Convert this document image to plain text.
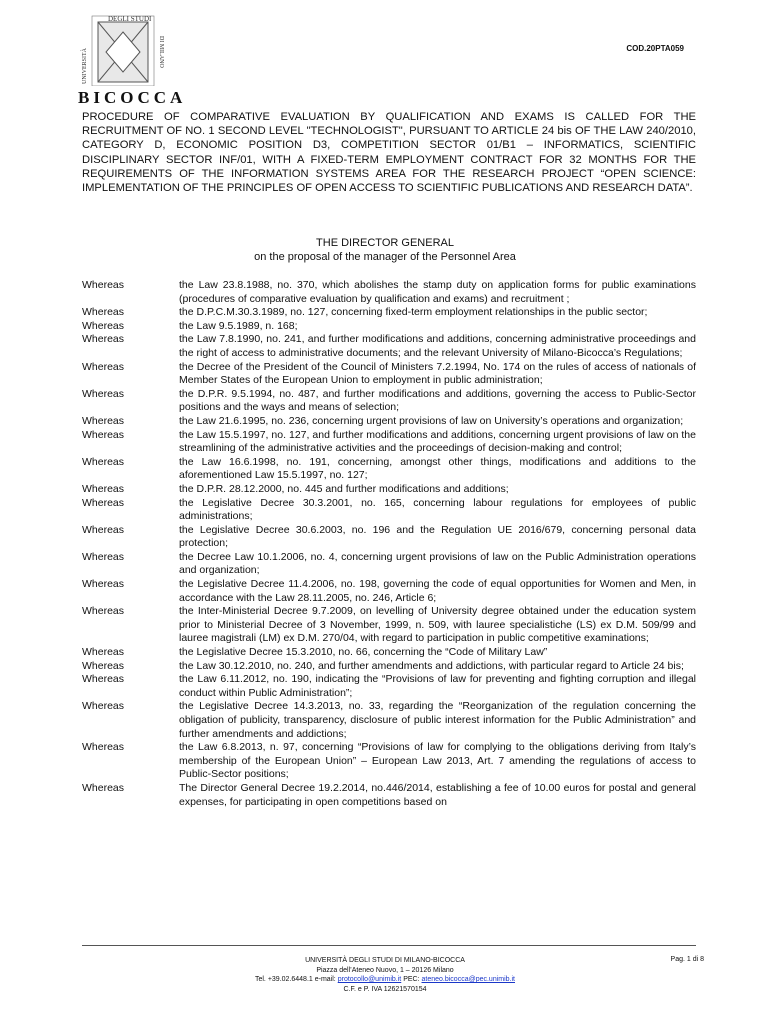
UNIVERSITÀ
DEGLI STUDI
DI MILANO
BICOCCA
COD.20PTA059
PROCEDURE OF COMPARATIVE EVALUATION BY QUALIFICATION AND EXAMS IS CALLED FOR THE RECRUITMENT OF NO. 1 SECOND LEVEL "TECHNOLOGIST", PURSUANT TO ARTICLE 24 bis OF THE LAW 240/2010, CATEGORY D, ECONOMIC POSITION D3, COMPETITION SECTOR 01/B1 – INFORMATICS, SCIENTIFIC DISCIPLINARY SECTOR INF/01, WITH A FIXED-TERM EMPLOYMENT CONTRACT FOR 32 MONTHS FOR THE REQUIREMENTS OF THE INFORMATION SYSTEMS AREA FOR THE RESEARCH PROJECT “OPEN SCIENCE: IMPLEMENTATION OF THE PRINCIPLES OF OPEN ACCESS TO SCIENTIFIC PUBLICATIONS AND RESEARCH DATA”.
THE DIRECTOR GENERAL
on the proposal of the manager of the Personnel Area
Whereas	the Law 23.8.1988, no. 370, which abolishes the stamp duty on application forms for public examinations (procedures of comparative evaluation by qualification and exams) and recruitment ;
Whereas	the D.P.C.M.30.3.1989, no. 127, concerning fixed-term employment relationships in the public sector;
Whereas	the Law 9.5.1989, n. 168;
Whereas	the Law 7.8.1990, no. 241, and further modifications and additions, concerning administrative proceedings and the right of access to administrative documents; and the relevant University of Milano-Bicocca’s Regulations;
Whereas	the Decree of the President of the Council of Ministers 7.2.1994, No. 174 on the rules of access of nationals of Member States of the European Union to employment in public administration;
Whereas	the D.P.R. 9.5.1994, no. 487, and further modifications and additions, governing the access to Public-Sector positions and the ways and means of selection;
Whereas	the Law 21.6.1995, no. 236, concerning urgent provisions of law on University’s operations and organization;
Whereas	the Law 15.5.1997, no. 127, and further modifications and additions, concerning urgent provisions of law on the streamlining of the administrative activities and the proceedings of decision-making and control;
Whereas	the Law 16.6.1998, no. 191, concerning, amongst other things, modifications and additions to the aforementioned Law 15.5.1997, no. 127;
Whereas	the D.P.R. 28.12.2000, no. 445 and further modifications and additions;
Whereas	the Legislative Decree 30.3.2001, no. 165, concerning labour regulations for employees of public administrations;
Whereas	the Legislative Decree 30.6.2003, no. 196 and the Regulation UE 2016/679, concerning personal data protection;
Whereas	the Decree Law 10.1.2006, no. 4, concerning urgent provisions of law on the Public Administration operations and organization;
Whereas	the Legislative Decree 11.4.2006, no. 198, governing the code of equal opportunities for Women and Men, in accordance with the Law 28.11.2005, no. 246, Article 6;
Whereas	the Inter-Ministerial Decree 9.7.2009, on levelling of University degree obtained under the education system prior to Ministerial Decree of 3 November, 1999, n. 509, with lauree specialistiche (LS) ex D.M. 509/99 and lauree magistrali (LM) ex D.M. 270/04, with regard to participation in public competitive examinations;
Whereas	the Legislative Decree 15.3.2010, no. 66, concerning the “Code of Military Law”
Whereas	the Law 30.12.2010, no. 240, and further amendments and addictions, with particular regard to Article 24 bis;
Whereas	the Law 6.11.2012, no. 190, indicating the “Provisions of law for preventing and fighting corruption and illegal conduct within Public Administration”;
Whereas	the Legislative Decree 14.3.2013, no. 33, regarding the “Reorganization of the regulation concerning the obligation of publicity, transparency, disclosure of public interest information for the Public Administration” and further amendments and addictions;
Whereas	the Law 6.8.2013, n. 97, concerning “Provisions of law for complying to the obligations deriving from Italy’s membership of the European Union” – European Law 2013, Art. 7 amending the regulations of access to Public-Sector positions;
Whereas	The Director General Decree 19.2.2014, no.446/2014, establishing a fee of 10.00 euros for postal and general expenses, for participating in open competitions based on
UNIVERSITÀ DEGLI STUDI DI MILANO-BICOCCA
Piazza dell’Ateneo Nuovo, 1 – 20126 Milano
Tel. +39.02.6448.1 e-mail: protocollo@unimib.it PEC: ateneo.bicocca@pec.unimib.it
C.F. e P. IVA 12621570154
Pag. 1 di 8
